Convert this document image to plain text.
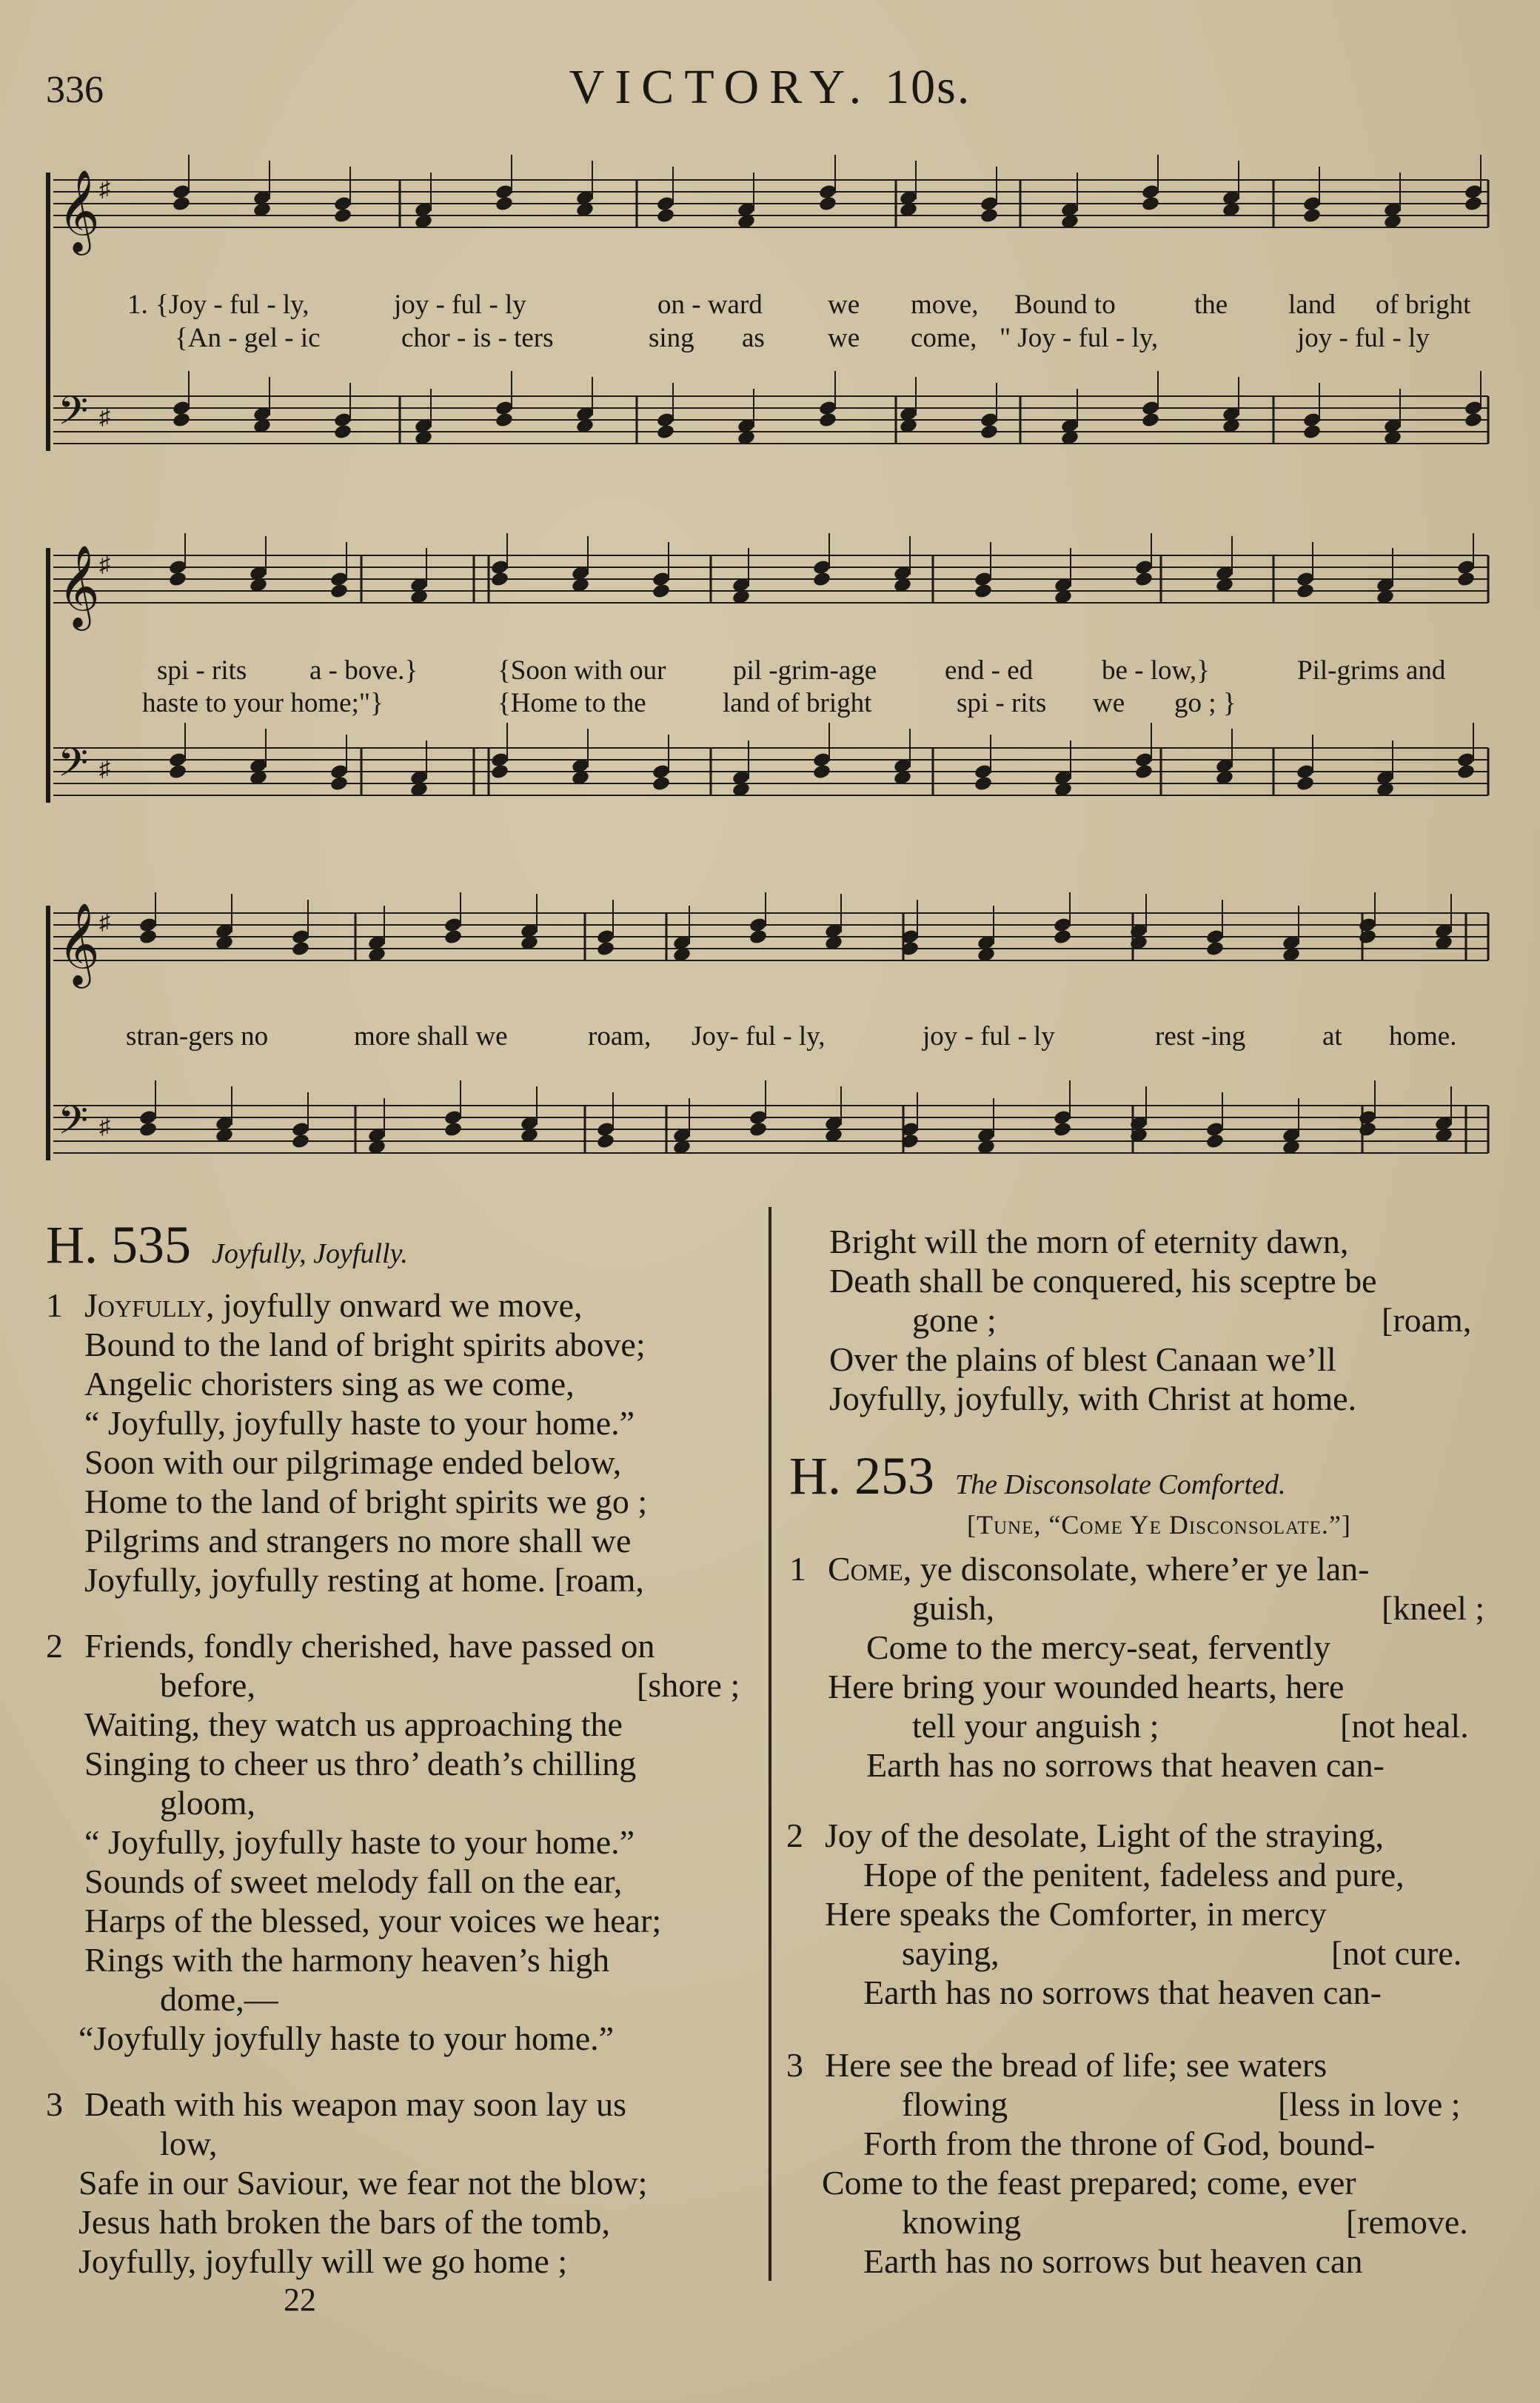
336	VICTORY. 10s.
𝄞 ♯
𝄢 ♯
𝄞 ♯
𝄢 ♯
𝄞 ♯
𝄢 ♯
1. {Joy - ful - ly,	joy - ful - ly	on - ward we move, Bound to	the land of bright
{An - gel - ic	chor - is - ters	sing as we come, " Joy - ful - ly,	joy - ful - ly
spi - rits a - bove.}	{Soon with our pil -grim-age end - ed	be - low,}	Pil-grims and
haste to your home;"}	{Home to the	land of bright	spi - rits we go ; }
stran-gers no	more shall we	roam, Joy- ful - ly,	joy - ful - ly	rest -ing	at home.
H. 535 Joyfully, Joyfully.
1 Joyfully, joyfully onward we move,
Bound to the land of bright spirits above;
Angelic choristers sing as we come,
“ Joyfully, joyfully haste to your home.”
Soon with our pilgrimage ended below,
Home to the land of bright spirits we go ;
Pilgrims and strangers no more shall we
Joyfully, joyfully resting at home. [roam,
2 Friends, fondly cherished, have passed on
before,	[shore ;
Waiting, they watch us approaching the
Singing to cheer us thro’ death’s chilling
gloom,
“ Joyfully, joyfully haste to your home.”
Sounds of sweet melody fall on the ear,
Harps of the blessed, your voices we hear;
Rings with the harmony heaven’s high
dome,—
“Joyfully joyfully haste to your home.”
3 Death with his weapon may soon lay us
low,
Safe in our Saviour, we fear not the blow;
Jesus hath broken the bars of the tomb,
Joyfully, joyfully will we go home ;
22
Bright will the morn of eternity dawn,
Death shall be conquered, his sceptre be
gone ;	[roam,
Over the plains of blest Canaan we’ll
Joyfully, joyfully, with Christ at home.
H. 253 The Disconsolate Comforted.
[Tune, “Come Ye Disconsolate.”]
1 Come, ye disconsolate, where’er ye lan-
guish,	[kneel ;
Come to the mercy-seat, fervently
Here bring your wounded hearts, here
tell your anguish ;	[not heal.
Earth has no sorrows that heaven can-
2 Joy of the desolate, Light of the straying,
Hope of the penitent, fadeless and pure,
Here speaks the Comforter, in mercy
saying,	[not cure.
Earth has no sorrows that heaven can-
3 Here see the bread of life; see waters
flowing	[less in love ;
Forth from the throne of God, bound-
Come to the feast prepared; come, ever
knowing	[remove.
Earth has no sorrows but heaven can
